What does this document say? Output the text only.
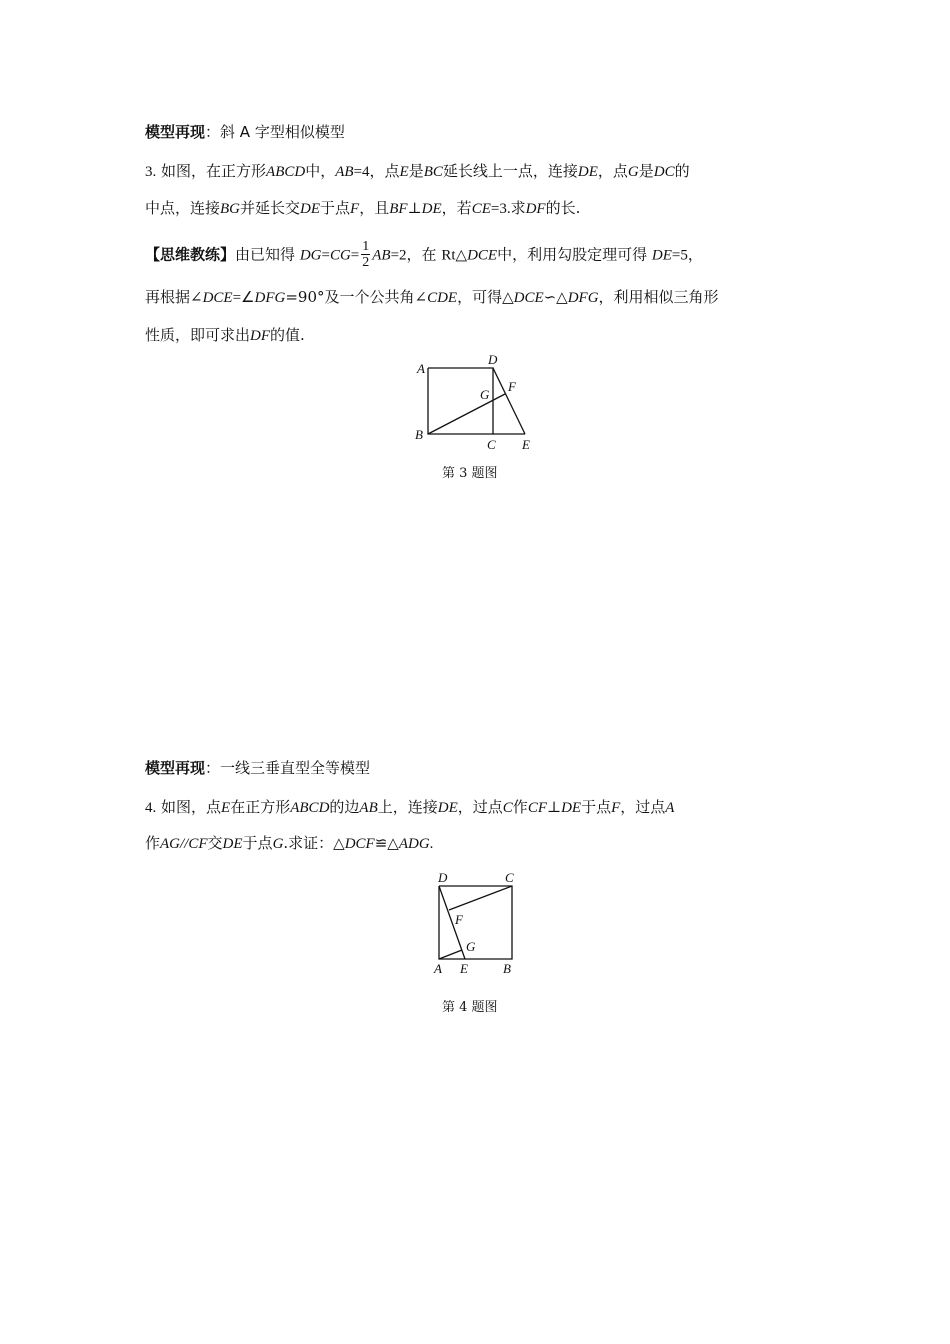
模型再现：斜 A 字型相似模型
3. 如图，在正方形ABCD中，AB=4，点E是BC延长线上一点，连接DE，点G是DC的
中点，连接BG并延长交DE于点F，且BF⊥DE，若CE=3.求DF的长.
【思维教练】由已知得 $DG=CG= \frac{1}{2} AB=2$，在 Rt△DCE中，利用勾股定理可得 DE=5，
再根据∠DCE=∠DFG=90°及一个公共角∠CDE，可得△DCE∽△DFG，利用相似三角形
性质，即可求出DF的值.
A
D
G
F
B
C E
第 3 题图
模型再现：一线三垂直型全等模型
4. 如图，点E在正方形ABCD的边AB上，连接DE，过点C作CF⊥DE于点F，过点A
作AG//CF交DE于点G.求证：△DCF≌△ADG.
D	C
F
G
A E	B
第 4 题图
